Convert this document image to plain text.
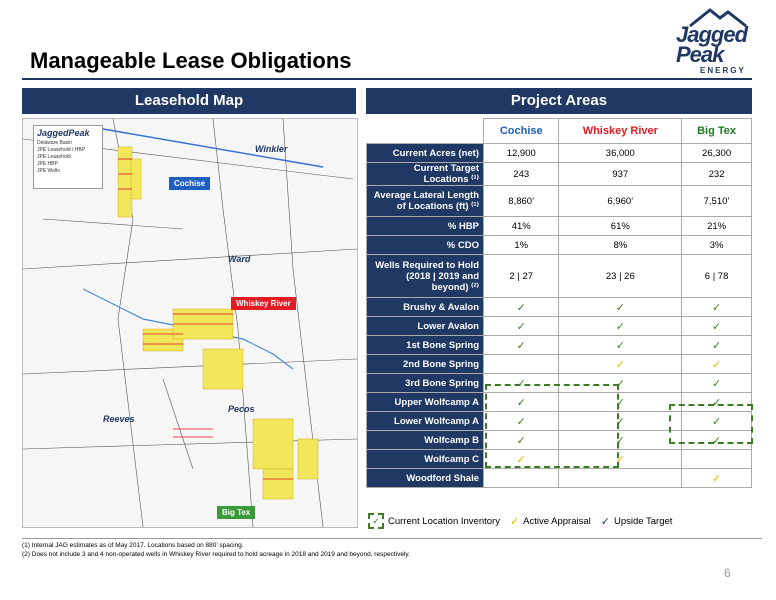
Manageable Lease Obligations
Jagged
Peak
ENERGY
Leasehold Map
JaggedPeak
Delaware Basin
JPE Leasehold / HBP
JPE Leasehold
JPE HBP
JPE Wells
Winkler
Ward
Reeves
Pecos
Cochise
Whiskey River
Big Tex
Project Areas
	Cochise	Whiskey River	Big Tex
Current Acres (net)	12,900	36,000	26,300
Current Target Locations ⁽¹⁾	243	937	232
Average Lateral Length of Locations (ft) ⁽¹⁾	8,860’	6,960’	7,510’
% HBP	41%	61%	21%
% CDO	1%	8%	3%
Wells Required to Hold (2018 | 2019 and beyond) ⁽²⁾	2 | 27	23 | 26	6 | 78
Brushy & Avalon	✓	✓	✓
Lower Avalon	✓	✓	✓
1st Bone Spring	✓	✓	✓
2nd Bone Spring		✓	✓
3rd Bone Spring	✓	✓	✓
Upper Wolfcamp A	✓	✓	✓
Lower Wolfcamp A	✓	✓	✓
Wolfcamp B	✓	✓	✓
Wolfcamp C	✓	✓	
Woodford Shale			✓
✓ Current Location Inventory ✓ Active Appraisal ✓ Upside Target
(1) Internal JAG estimates as of May 2017. Locations based on 880’ spacing.
(2) Does not include 3 and 4 non-operated wells in Whiskey River required to hold acreage in 2018 and 2019 and beyond, respectively.
6
